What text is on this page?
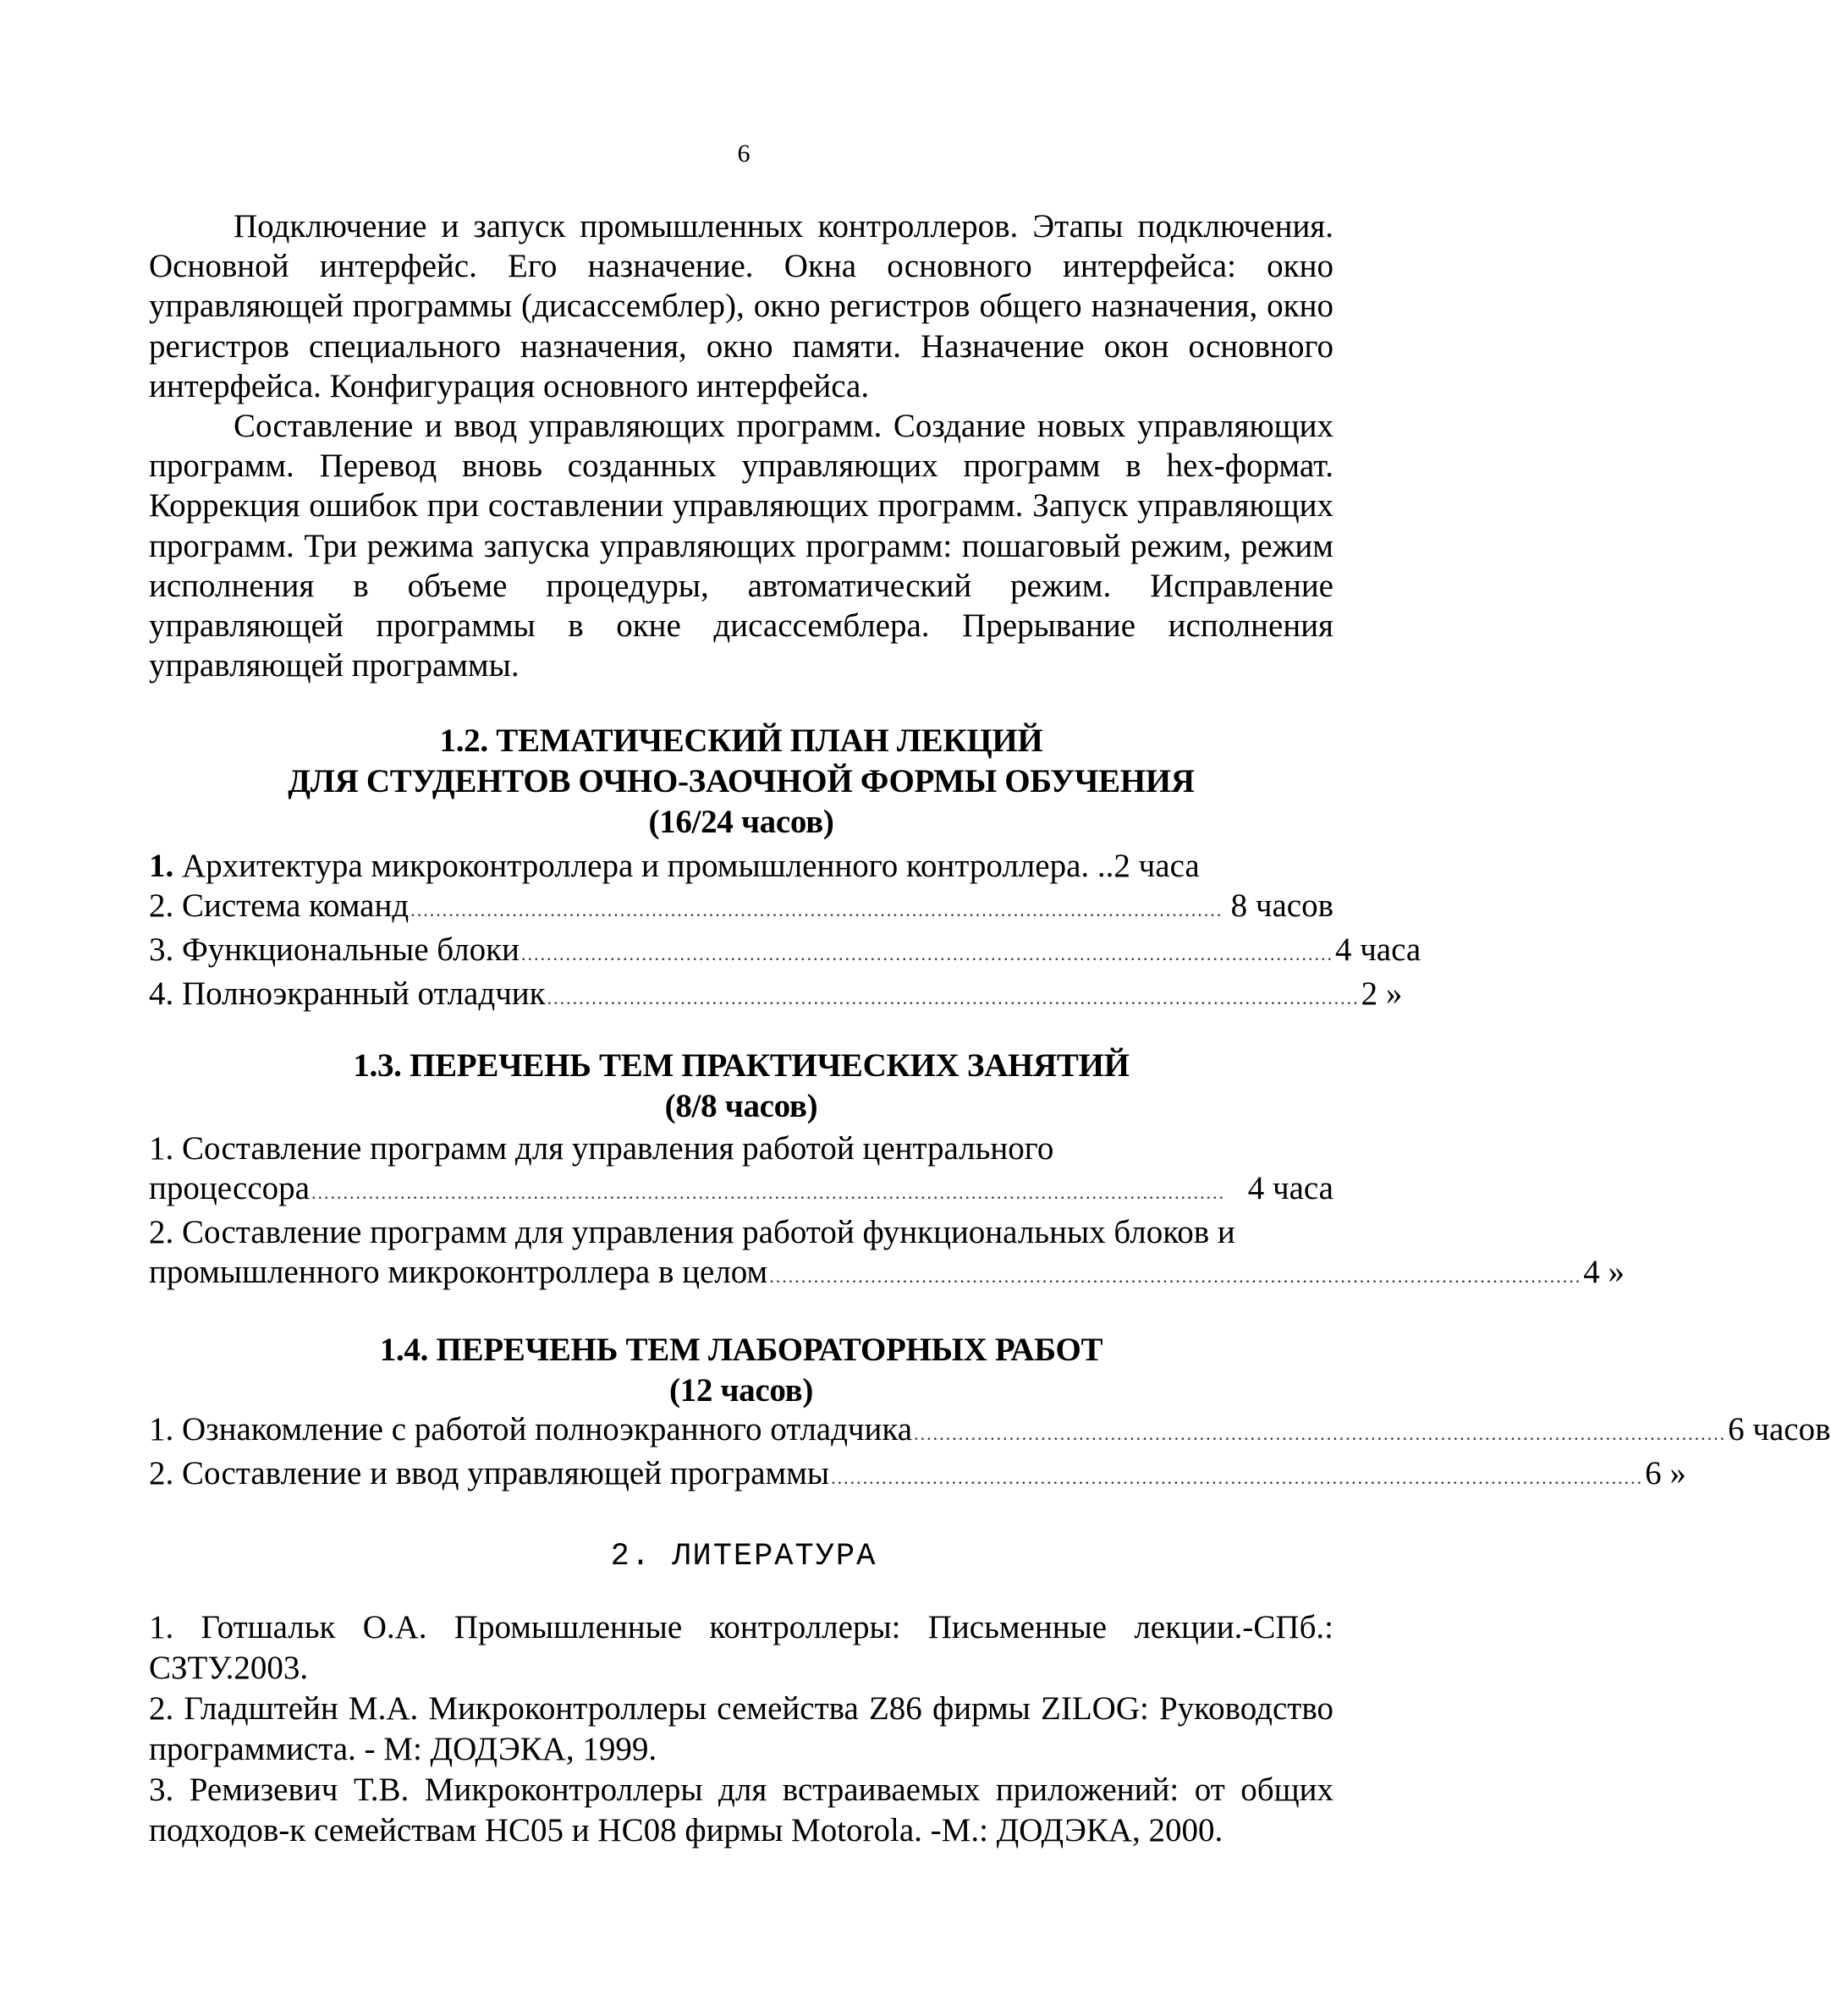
6

Подключение и запуск промышленных контроллеров. Этапы подключения. Основной интерфейс. Его назначение. Окна основного интерфейса: окно управляющей программы (дисассемблер), окно регистров общего назначения, окно регистров специального назначения, окно памяти. Назначение окон основного интерфейса. Конфигурация основного интерфейса.

Составление и ввод управляющих программ. Создание новых управляющих программ. Перевод вновь созданных управляющих программ в hex-формат. Коррекция ошибок при составлении управляющих программ. Запуск управляющих программ. Три режима запуска управляющих программ: пошаговый режим, режим исполнения в объеме процедуры, автоматический режим. Исправление управляющей программы в окне дисассемблера. Прерывание исполнения управляющей программы.

1.2. ТЕМАТИЧЕСКИЙ ПЛАН ЛЕКЦИЙ
ДЛЯ СТУДЕНТОВ ОЧНО-ЗАОЧНОЙ ФОРМЫ ОБУЧЕНИЯ
(16/24 часов)
1. Архитектура микроконтроллера и промышленного контроллера. .. 2 часа
2. Система команд ................................................................................................................................ 8 часов
3. Функциональные блоки ................................................................................................................................ 4 часа
4. Полноэкранный отладчик ................................................................................................................................ 2 »
1.3. ПЕРЕЧЕНЬ ТЕМ ПРАКТИЧЕСКИХ ЗАНЯТИЙ
(8/8 часов)
1. Составление программ для управления работой центрального
процессора ................................................................................................................................................ 4 часа
2. Составление программ для управления работой функциональных блоков и
промышленного микроконтроллера в целом ................................................................................................................................ 4 »
1.4. ПЕРЕЧЕНЬ ТЕМ ЛАБОРАТОРНЫХ РАБОТ
(12 часов)
1. Ознакомление с работой полноэкранного отладчика ................................................................................................................................ 6 часов
2. Составление и ввод управляющей программы ................................................................................................................................ 6 »
2. ЛИТЕРАТУРА

1. Готшальк О.А. Промышленные контроллеры: Письменные лекции.-СПб.: СЗТУ.2003.

2. Гладштейн М.А. Микроконтроллеры семейства Z86 фирмы ZILOG: Руководство программиста. - М: ДОДЭКА, 1999.

3. Ремизевич Т.В. Микроконтроллеры для встраиваемых приложений: от общих подходов-к семействам НС05 и НС08 фирмы Motorola. -М.: ДОДЭКА, 2000.
